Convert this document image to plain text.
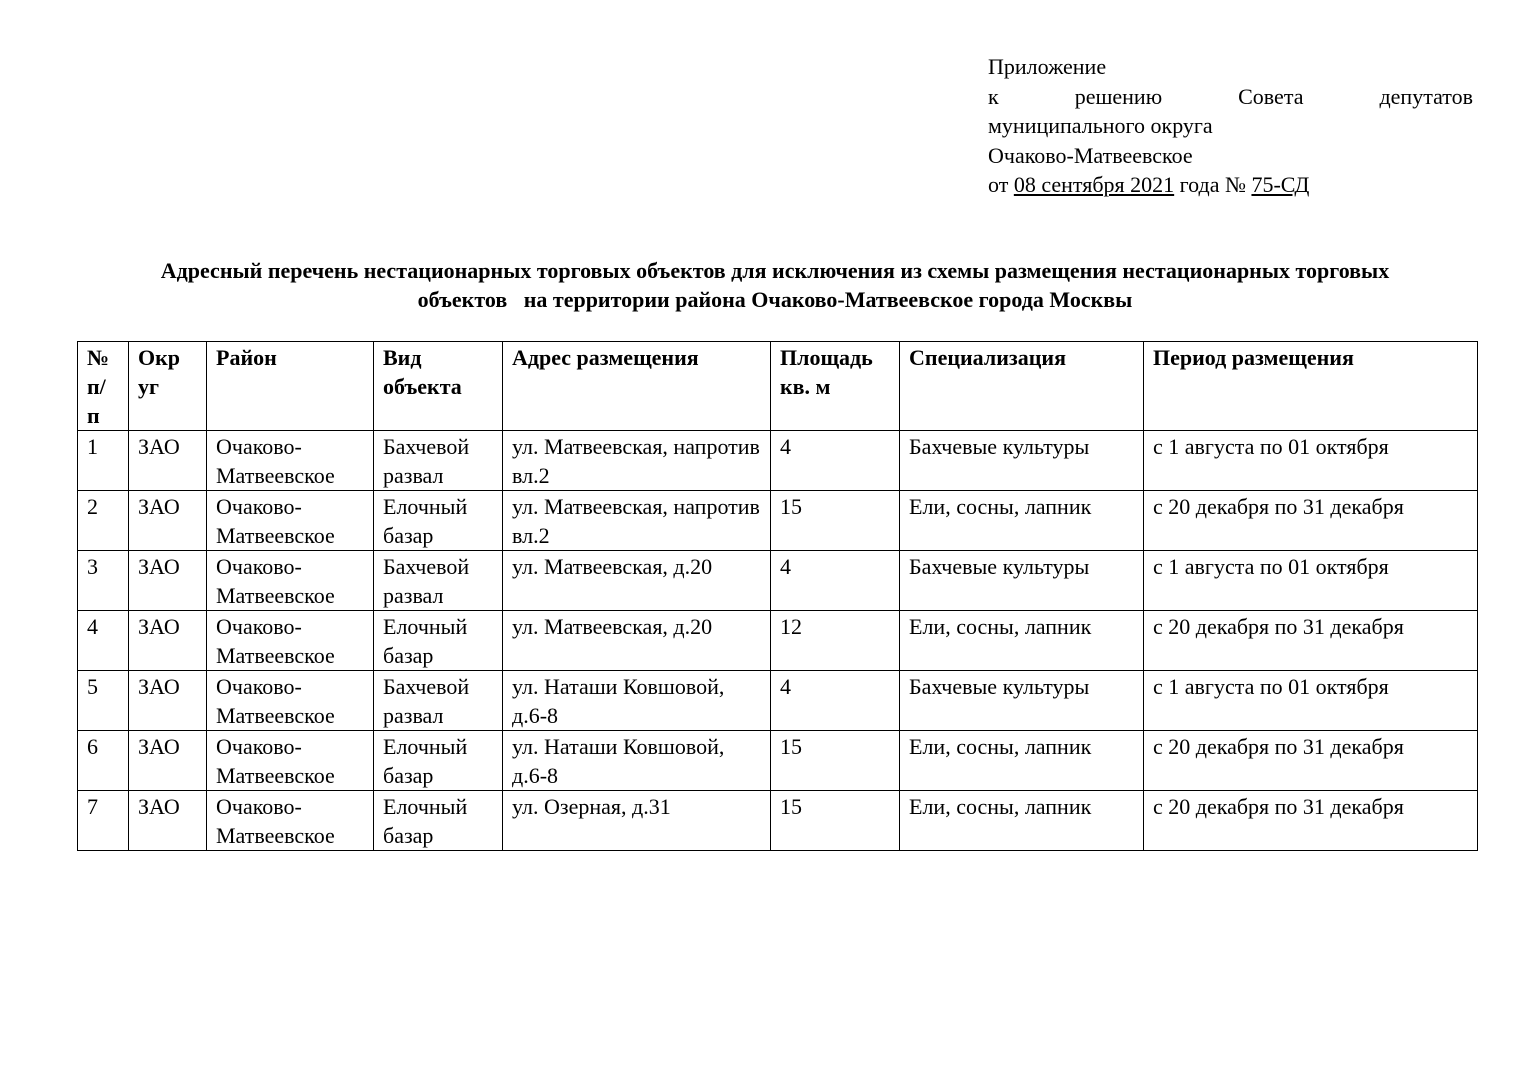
Приложение
к	решению	Совета	депутатов
муниципального округа
Очаково-Матвеевское
от 08 сентября 2021 года № 75-СД
Адресный перечень нестационарных торговых объектов для исключения из схемы размещения нестационарных торговых
объектов   на территории района Очаково-Матвеевское города Москвы
№ п/ п	Окр уг	Район	Вид объекта	Адрес размещения	Площадь кв. м	Специализация	Период размещения
1	ЗАО	Очаково-Матвеевское	Бахчевой развал	ул. Матвеевская, напротив вл.2	4	Бахчевые культуры	с 1 августа по 01 октября
2	ЗАО	Очаково-Матвеевское	Елочный базар	ул. Матвеевская, напротив вл.2	15	Ели, сосны, лапник	с 20 декабря по 31 декабря
3	ЗАО	Очаково-Матвеевское	Бахчевой развал	ул. Матвеевская, д.20	4	Бахчевые культуры	с 1 августа по 01 октября
4	ЗАО	Очаково-Матвеевское	Елочный базар	ул. Матвеевская, д.20	12	Ели, сосны, лапник	с 20 декабря по 31 декабря
5	ЗАО	Очаково-Матвеевское	Бахчевой развал	ул. Наташи Ковшовой, д.6-8	4	Бахчевые культуры	с 1 августа по 01 октября
6	ЗАО	Очаково-Матвеевское	Елочный базар	ул. Наташи Ковшовой, д.6-8	15	Ели, сосны, лапник	с 20 декабря по 31 декабря
7	ЗАО	Очаково-Матвеевское	Елочный базар	ул. Озерная, д.31	15	Ели, сосны, лапник	с 20 декабря по 31 декабря
